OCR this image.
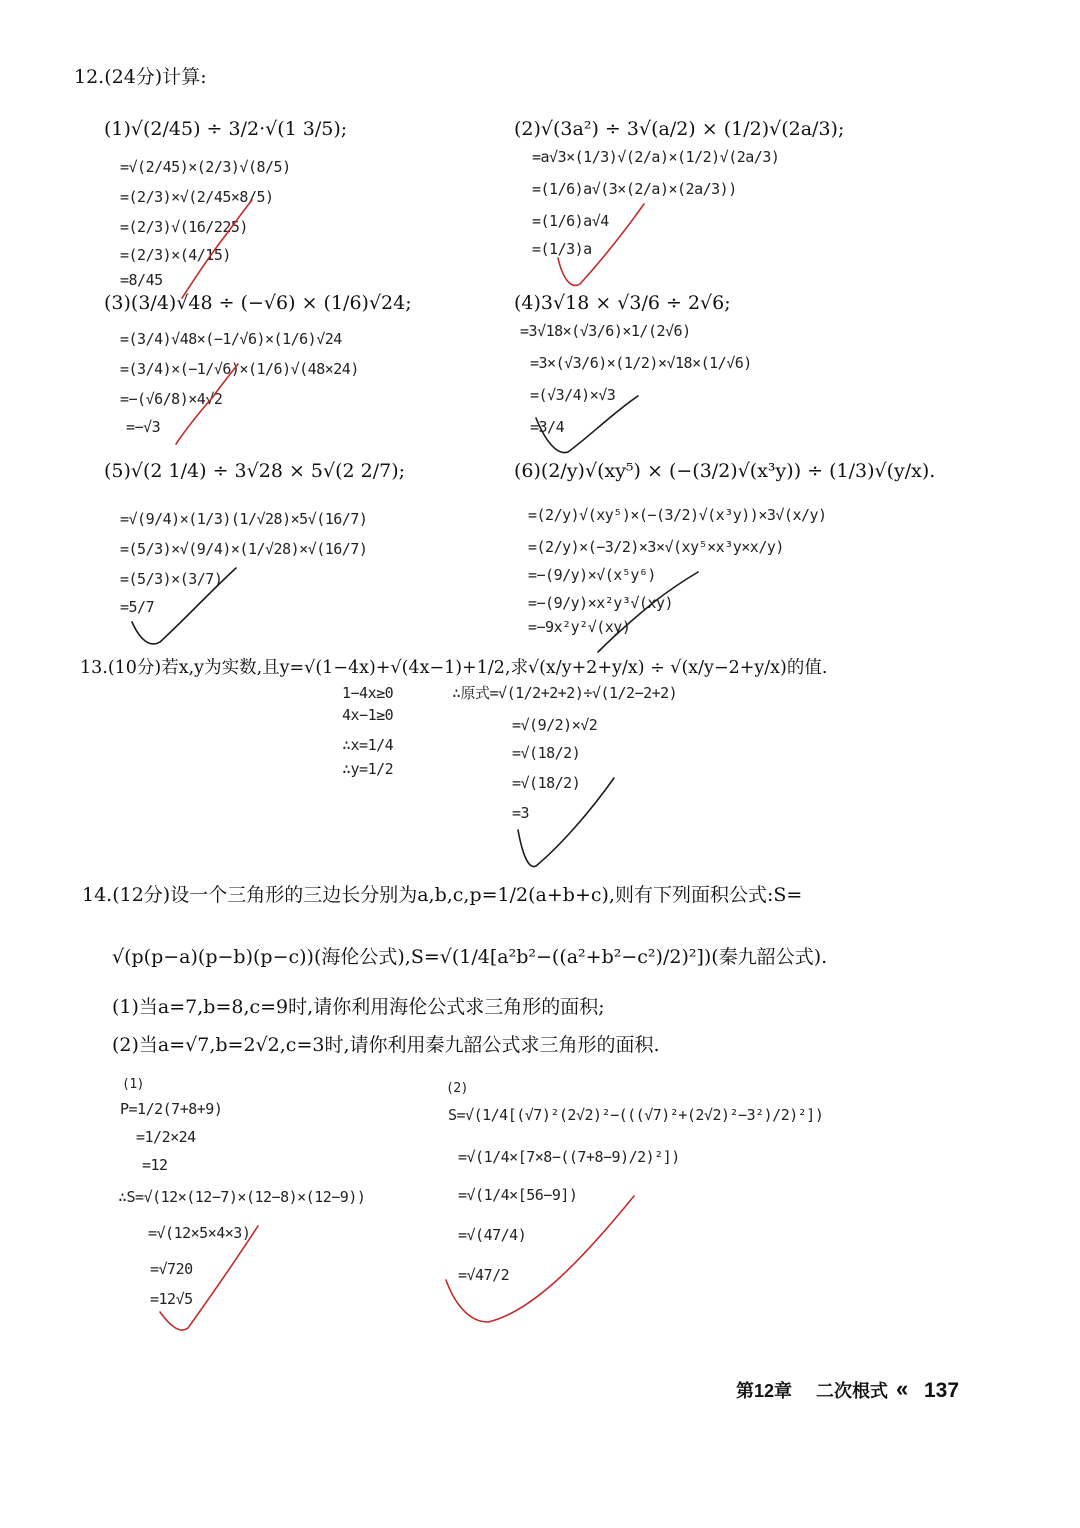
12.(24分)计算:
(1)√(2/45) ÷ 3/2·√(1 3/5);
=√(2/45)×(2/3)√(8/5)
=(2/3)×√(2/45×8/5)
=(2/3)√(16/225)
=(2/3)×(4/15)
=8/45
(2)√(3a²) ÷ 3√(a/2) × (1/2)√(2a/3);
=a√3×(1/3)√(2/a)×(1/2)√(2a/3)
=(1/6)a√(3×(2/a)×(2a/3))
=(1/6)a√4
=(1/3)a
(3)(3/4)√48 ÷ (−√6) × (1/6)√24;
=(3/4)√48×(−1/√6)×(1/6)√24
=(3/4)×(−1/√6)×(1/6)√(48×24)
=−(√6/8)×4√2
=−√3
(4)3√18 × √3/6 ÷ 2√6;
=3√18×(√3/6)×1/(2√6)
=3×(√3/6)×(1/2)×√18×(1/√6)
=(√3/4)×√3
=3/4
(5)√(2 1/4) ÷ 3√28 × 5√(2 2/7);
=√(9/4)×(1/3)(1/√28)×5√(16/7)
=(5/3)×√(9/4)×(1/√28)×√(16/7)
=(5/3)×(3/7)
=5/7
(6)(2/y)√(xy⁵) × (−(3/2)√(x³y)) ÷ (1/3)√(y/x).
=(2/y)√(xy⁵)×(−(3/2)√(x³y))×3√(x/y)
=(2/y)×(−3/2)×3×√(xy⁵×x³y×x/y)
=−(9/y)×√(x⁵y⁶)
=−(9/y)×x²y³√(xy)
=−9x²y²√(xy)
13.(10分)若x,y为实数,且y=√(1−4x)+√(4x−1)+1/2,求√(x/y+2+y/x) ÷ √(x/y−2+y/x)的值.
1−4x≥0
4x−1≥0
∴x=1/4
∴y=1/2
∴原式=√(1/2+2+2)÷√(1/2−2+2)
=√(9/2)×√2
=√(18/2)
=√(18/2)
=3
14.(12分)设一个三角形的三边长分别为a,b,c,p=1/2(a+b+c),则有下列面积公式:S=
√(p(p−a)(p−b)(p−c))(海伦公式),S=√(1/4[a²b²−((a²+b²−c²)/2)²])(秦九韶公式).
(1)当a=7,b=8,c=9时,请你利用海伦公式求三角形的面积;
(2)当a=√7,b=2√2,c=3时,请你利用秦九韶公式求三角形的面积.
(1)
P=1/2(7+8+9)
=1/2×24
=12
∴S=√(12×(12−7)×(12−8)×(12−9))
=√(12×5×4×3)
=√720
=12√5
(2)
S=√(1/4[(√7)²(2√2)²−(((√7)²+(2√2)²−3²)/2)²])
=√(1/4×[7×8−((7+8−9)/2)²])
=√(1/4×[56−9])
=√(47/4)
=√47/2
第12章 二次根式 « 137
